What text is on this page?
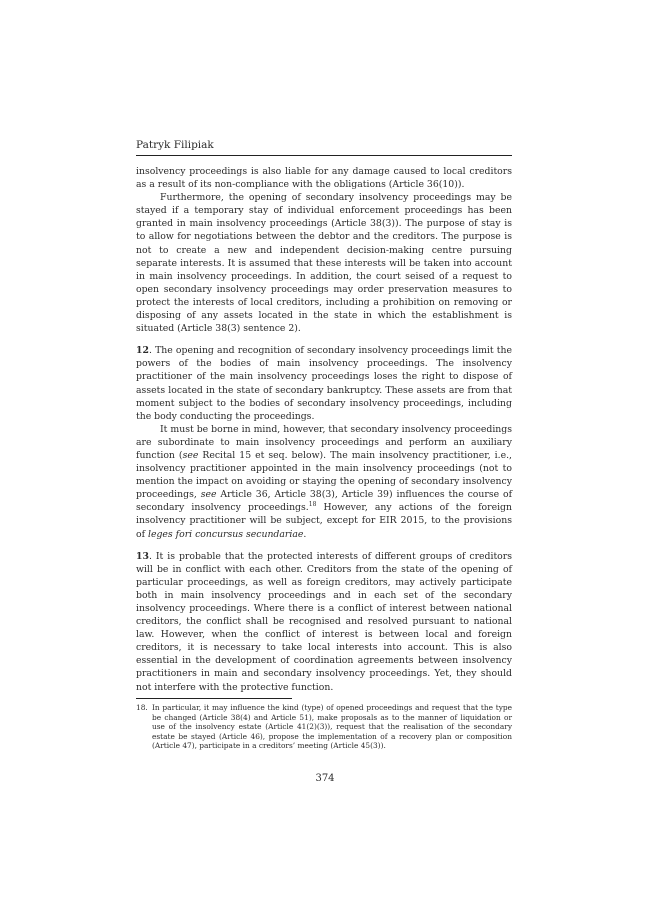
Patryk Filipiak

insolvency proceedings is also liable for any damage caused to local creditors as a result of its non-compliance with the obligations (Article 36(10)).

Furthermore, the opening of secondary insolvency proceedings may be stayed if a temporary stay of individual enforcement proceedings has been granted in main insolvency proceedings (Article 38(3)). The purpose of stay is to allow for negotiations between the debtor and the creditors. The purpose is not to create a new and independent decision-making centre pursuing separate interests. It is assumed that these interests will be taken into account in main insolvency proceedings. In addition, the court seised of a request to open secondary insolvency proceedings may order preservation measures to protect the interests of local creditors, including a prohibition on removing or disposing of any assets located in the state in which the establishment is situated (Article 38(3) sentence 2).

12. The opening and recognition of secondary insolvency proceedings limit the powers of the bodies of main insolvency proceedings. The insolvency practitioner of the main insolvency proceedings loses the right to dispose of assets located in the state of secondary bankruptcy. These assets are from that moment subject to the bodies of secondary insolvency proceedings, including the body conducting the proceedings.

It must be borne in mind, however, that secondary insolvency proceedings are subordinate to main insolvency proceedings and perform an auxiliary function (see Recital 15 et seq. below). The main insolvency practitioner, i.e., insolvency practitioner appointed in the main insolvency proceedings (not to mention the impact on avoiding or staying the opening of secondary insolvency proceedings, see Article 36, Article 38(3), Article 39) influences the course of secondary insolvency proceedings.$^{18}$ However, any actions of the foreign insolvency practitioner will be subject, except for EIR 2015, to the provisions of leges fori concursus secundariae.

13. It is probable that the protected interests of different groups of creditors will be in conflict with each other. Creditors from the state of the opening of particular proceedings, as well as foreign creditors, may actively participate both in main insolvency proceedings and in each set of the secondary insolvency proceedings. Where there is a conflict of interest between national creditors, the conflict shall be recognised and resolved pursuant to national law. However, when the conflict of interest is between local and foreign creditors, it is necessary to take local interests into account. This is also essential in the development of coordination agreements between insolvency practitioners in main and secondary insolvency proceedings. Yet, they should not interfere with the protective function.

18. In particular, it may influence the kind (type) of opened proceedings and request that the type be changed (Article 38(4) and Article 51), make proposals as to the manner of liquidation or use of the insolvency estate (Article 41(2)(3)), request that the realisation of the secondary estate be stayed (Article 46), propose the implementation of a recovery plan or composition (Article 47), participate in a creditors’ meeting (Article 45(3)).
374
